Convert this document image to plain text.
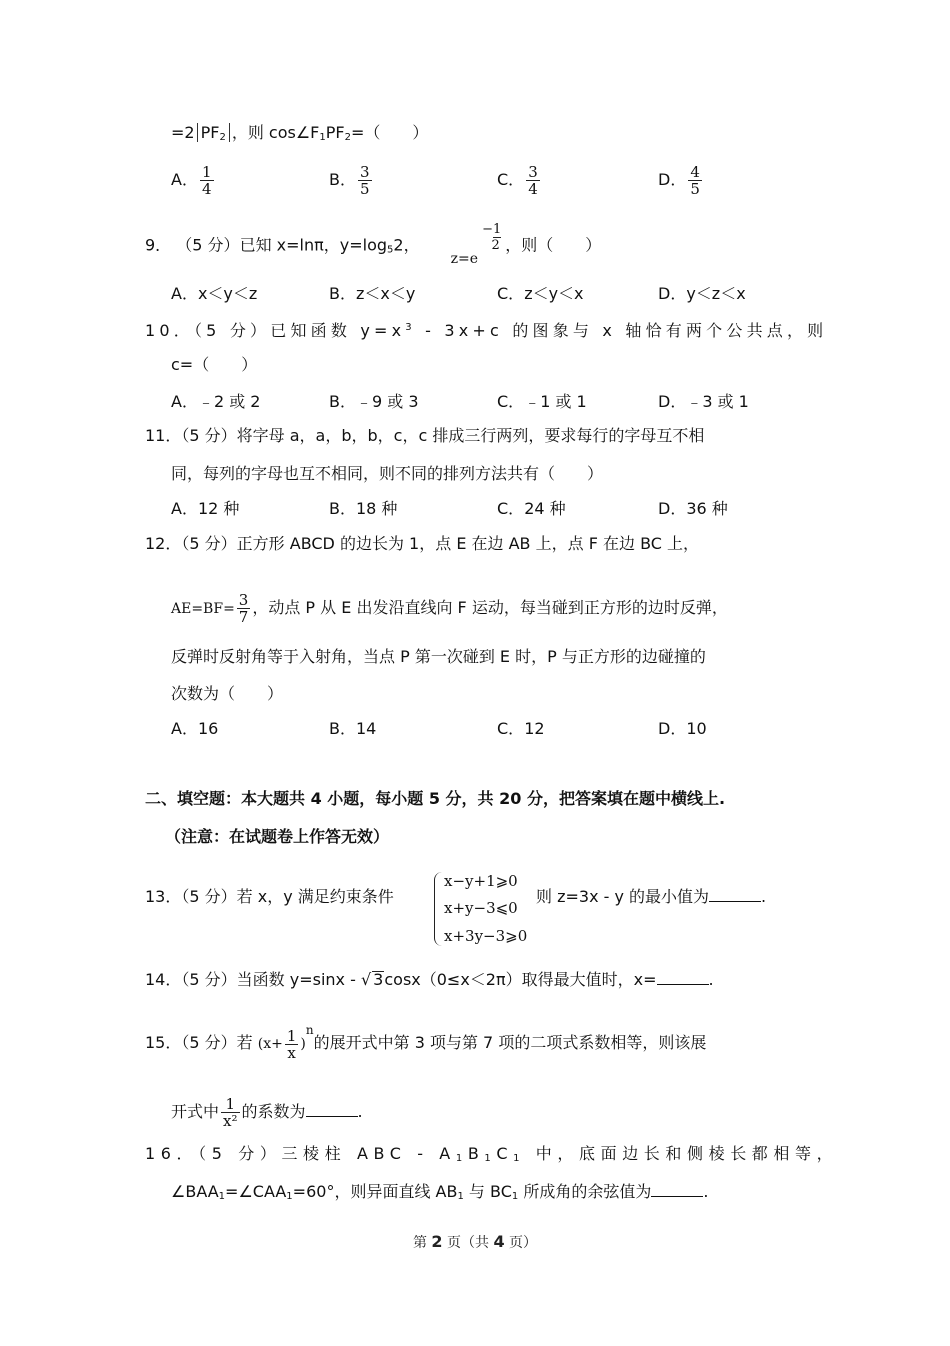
=2 $PF_2$ ，则 $\cos\angle F_1PF_2=$（　　）
A． $\frac{1}{4}$	B． $\frac{3}{5}$	C． $\frac{3}{4}$	D． $\frac{4}{5}$
9． （5 分）已知 x=lnπ，$y=\log_52$， z=e
−1
2 ，则（　　）
A．x＜y＜z	B．z＜x＜y	C．z＜y＜x	D．y＜z＜x
10．（5 分）已知函数 $y=x^3 - 3x+c$ 的图象与 x 轴恰有两个公共点，则
c=（　　）
A．﹣2 或 2	B．﹣9 或 3	C．﹣1 或 1	D．﹣3 或 1
11．（5 分）将字母 a，a，b，b，c，c 排成三行两列，要求每行的字母互不相
同，每列的字母也互不相同，则不同的排列方法共有（　　）
A．12 种	B．18 种	C．24 种	D．36 种
12．（5 分）正方形 ABCD 的边长为 1，点 E 在边 AB 上，点 F 在边 BC 上，
$AE=BF= \frac{3}{7}$ ，动点 P 从 E 出发沿直线向 F 运动，每当碰到正方形的边时反弹，
反弹时反射角等于入射角，当点 P 第一次碰到 E 时，P 与正方形的边碰撞的
次数为（　　）
A．16	B．14	C．12	D．10
二、填空题：本大题共 4 小题，每小题 5 分，共 20 分，把答案填在题中横线上.
（注意：在试题卷上作答无效）
13．（5 分）若 x，y 满足约束条件
x−y+1⩾0
x+y−3⩽0
x+3y−3⩾0
则 z=3x - y 的最小值为	.
14．（5 分）当函数 y=sinx - √ 3cosx（0≤x＜2π）取得最大值时，x=	.
15．（5 分）若 $(x+ \frac{1}{x} )^n$的展开式中第 3 项与第 7 项的二项式系数相等，则该展
开式中 $\frac{1}{\text{x²}}$ 的系数为	.
16．（5 分）三棱柱 ABC - $A_1B_1C_1$ 中，底面边长和侧棱长都相等，
$\angle BAA_1=\angle CAA_1=60^\circ$，则异面直线 $AB_1$ 与 $BC_1$ 所成角的余弦值为	.
第 2 页（共 4 页）
